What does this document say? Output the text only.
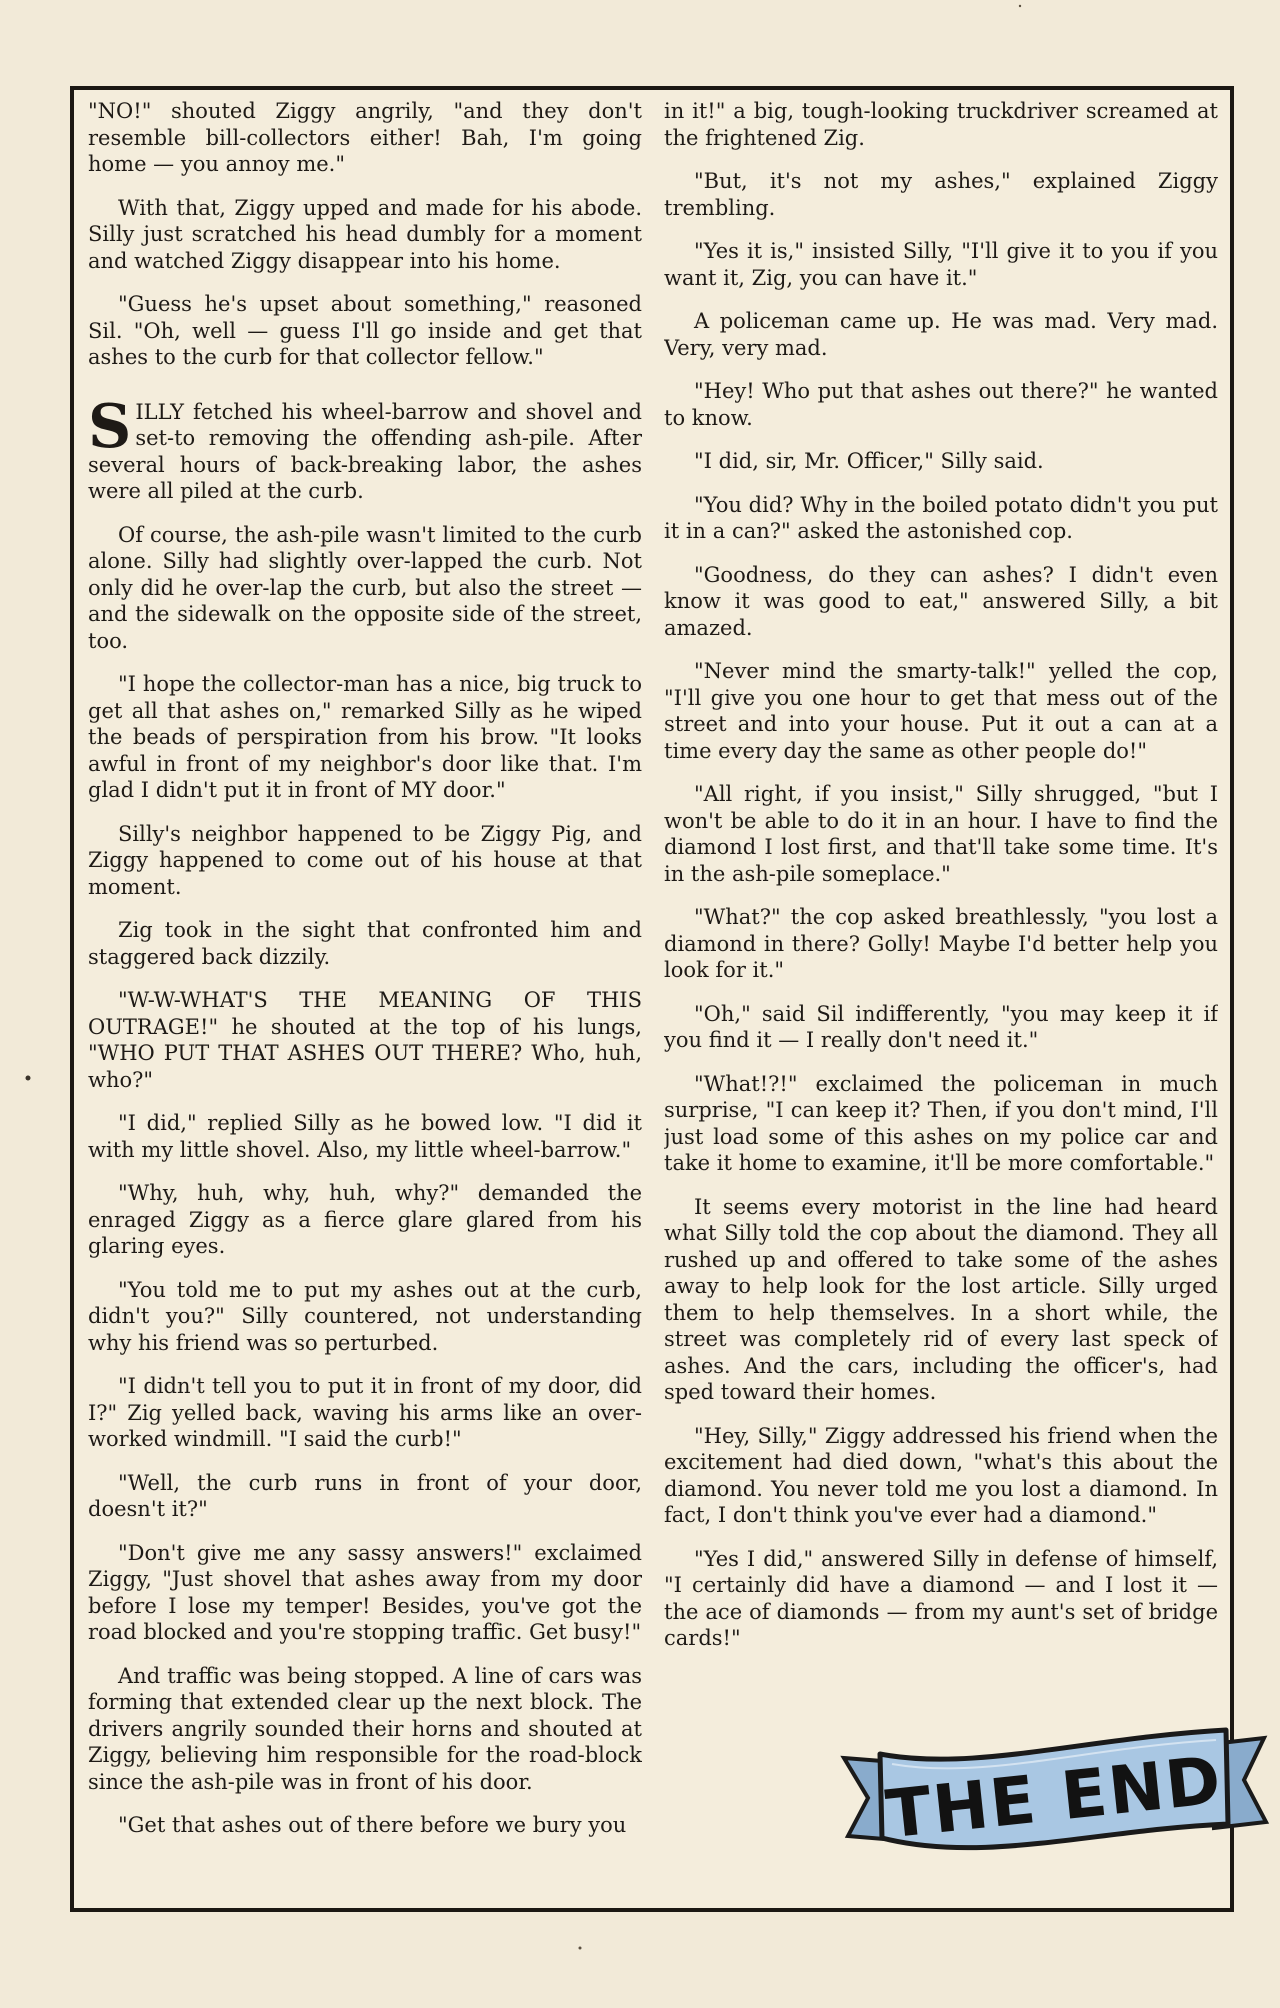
"NO!" shouted Ziggy angrily, "and they don't resemble bill-collectors either! Bah, I'm going home — you annoy me."

With that, Ziggy upped and made for his abode. Silly just scratched his head dumbly for a moment and watched Ziggy disappear into his home.

"Guess he's upset about something," reasoned Sil. "Oh, well — guess I'll go inside and get that ashes to the curb for that collector fellow."

SILLY fetched his wheel-barrow and shovel and set-to removing the offending ash-pile. After several hours of back-breaking labor, the ashes were all piled at the curb.

Of course, the ash-pile wasn't limited to the curb alone. Silly had slightly over-lapped the curb. Not only did he over-lap the curb, but also the street — and the sidewalk on the opposite side of the street, too.

"I hope the collector-man has a nice, big truck to get all that ashes on," remarked Silly as he wiped the beads of perspiration from his brow. "It looks awful in front of my neighbor's door like that. I'm glad I didn't put it in front of MY door."

Silly's neighbor happened to be Ziggy Pig, and Ziggy happened to come out of his house at that moment.

Zig took in the sight that confronted him and staggered back dizzily.

"W-W-WHAT'S THE MEANING OF THIS OUTRAGE!" he shouted at the top of his lungs, "WHO PUT THAT ASHES OUT THERE? Who, huh, who?"

"I did," replied Silly as he bowed low. "I did it with my little shovel. Also, my little wheel-barrow."

"Why, huh, why, huh, why?" demanded the enraged Ziggy as a fierce glare glared from his glaring eyes.

"You told me to put my ashes out at the curb, didn't you?" Silly countered, not understanding why his friend was so perturbed.

"I didn't tell you to put it in front of my door, did I?" Zig yelled back, waving his arms like an over-worked windmill. "I said the curb!"

"Well, the curb runs in front of your door, doesn't it?"

"Don't give me any sassy answers!" exclaimed Ziggy, "Just shovel that ashes away from my door before I lose my temper! Besides, you've got the road blocked and you're stopping traffic. Get busy!"

And traffic was being stopped. A line of cars was forming that extended clear up the next block. The drivers angrily sounded their horns and shouted at Ziggy, believing him responsible for the road-block since the ash-pile was in front of his door.

"Get that ashes out of there before we bury you

in it!" a big, tough-looking truckdriver screamed at the frightened Zig.

"But, it's not my ashes," explained Ziggy trembling.

"Yes it is," insisted Silly, "I'll give it to you if you want it, Zig, you can have it."

A policeman came up. He was mad. Very mad. Very, very mad.

"Hey! Who put that ashes out there?" he wanted to know.

"I did, sir, Mr. Officer," Silly said.

"You did? Why in the boiled potato didn't you put it in a can?" asked the astonished cop.

"Goodness, do they can ashes? I didn't even know it was good to eat," answered Silly, a bit amazed.

"Never mind the smarty-talk!" yelled the cop, "I'll give you one hour to get that mess out of the street and into your house. Put it out a can at a time every day the same as other people do!"

"All right, if you insist," Silly shrugged, "but I won't be able to do it in an hour. I have to find the diamond I lost first, and that'll take some time. It's in the ash-pile someplace."

"What?" the cop asked breathlessly, "you lost a diamond in there? Golly! Maybe I'd better help you look for it."

"Oh," said Sil indifferently, "you may keep it if you find it — I really don't need it."

"What!?!" exclaimed the policeman in much surprise, "I can keep it? Then, if you don't mind, I'll just load some of this ashes on my police car and take it home to examine, it'll be more comfortable."

It seems every motorist in the line had heard what Silly told the cop about the diamond. They all rushed up and offered to take some of the ashes away to help look for the lost article. Silly urged them to help themselves. In a short while, the street was completely rid of every last speck of ashes. And the cars, including the officer's, had sped toward their homes.

"Hey, Silly," Ziggy addressed his friend when the excitement had died down, "what's this about the diamond. You never told me you lost a diamond. In fact, I don't think you've ever had a diamond."

"Yes I did," answered Silly in defense of himself, "I certainly did have a diamond — and I lost it — the ace of diamonds — from my aunt's set of bridge cards!"

THE END
